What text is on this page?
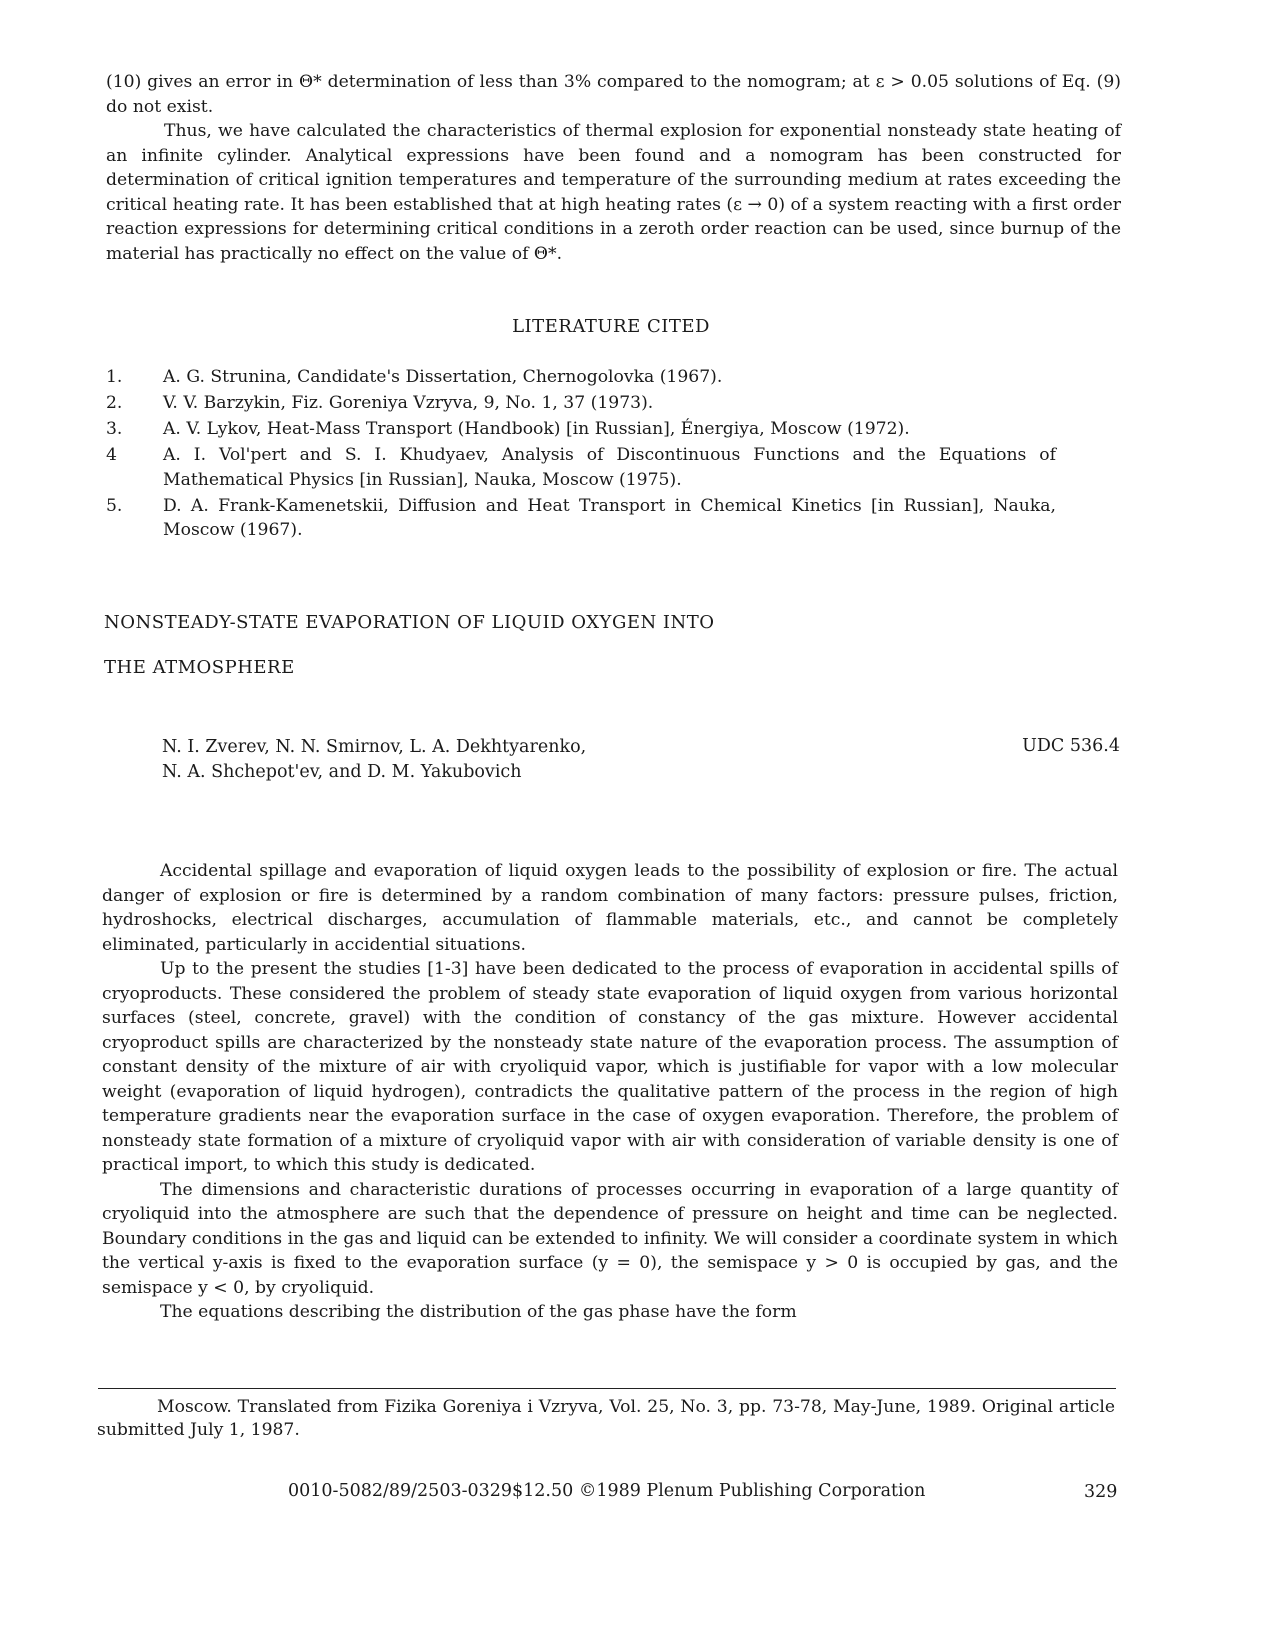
(10) gives an error in Θ* determination of less than 3% compared to the nomogram; at ε > 0.05 solutions of Eq. (9) do not exist.

Thus, we have calculated the characteristics of thermal explosion for exponential nonsteady state heating of an infinite cylinder. Analytical expressions have been found and a nomogram has been constructed for determination of critical ignition temperatures and temperature of the surrounding medium at rates exceeding the critical heating rate. It has been established that at high heating rates (ε → 0) of a system reacting with a first order reaction expressions for determining critical conditions in a zeroth order reaction can be used, since burnup of the material has practically no effect on the value of Θ*.

LITERATURE CITED

1. A. G. Strunina, Candidate's Dissertation, Chernogolovka (1967).
2. V. V. Barzykin, Fiz. Goreniya Vzryva, 9, No. 1, 37 (1973).
3. A. V. Lykov, Heat-Mass Transport (Handbook) [in Russian], Énergiya, Moscow (1972).
4	A. I. Vol'pert and S. I. Khudyaev, Analysis of Discontinuous Functions and the Equations of Mathematical Physics [in Russian], Nauka, Moscow (1975).
5. D. A. Frank-Kamenetskii, Diffusion and Heat Transport in Chemical Kinetics [in Russian], Nauka, Moscow (1967).

NONSTEADY-STATE EVAPORATION OF LIQUID OXYGEN INTO

THE ATMOSPHERE

N. I. Zverev, N. N. Smirnov, L. A. Dekhtyarenko,

N. A. Shchepot'ev, and D. M. Yakubovich

UDC 536.4

Accidental spillage and evaporation of liquid oxygen leads to the possibility of explosion or fire. The actual danger of explosion or fire is determined by a random combination of many factors: pressure pulses, friction, hydroshocks, electrical discharges, accumulation of flammable materials, etc., and cannot be completely eliminated, particularly in accidential situations.

Up to the present the studies [1-3] have been dedicated to the process of evaporation in accidental spills of cryoproducts. These considered the problem of steady state evaporation of liquid oxygen from various horizontal surfaces (steel, concrete, gravel) with the condition of constancy of the gas mixture. However accidental cryoproduct spills are characterized by the nonsteady state nature of the evaporation process. The assumption of constant density of the mixture of air with cryoliquid vapor, which is justifiable for vapor with a low molecular weight (evaporation of liquid hydrogen), contradicts the qualitative pattern of the process in the region of high temperature gradients near the evaporation surface in the case of oxygen evaporation. Therefore, the problem of nonsteady state formation of a mixture of cryoliquid vapor with air with consideration of variable density is one of practical import, to which this study is dedicated.

The dimensions and characteristic durations of processes occurring in evaporation of a large quantity of cryoliquid into the atmosphere are such that the dependence of pressure on height and time can be neglected. Boundary conditions in the gas and liquid can be extended to infinity. We will consider a coordinate system in which the vertical y-axis is fixed to the evaporation surface (y = 0), the semispace y > 0 is occupied by gas, and the semispace y < 0, by cryoliquid.

The equations describing the distribution of the gas phase have the form

Moscow. Translated from Fizika Goreniya i Vzryva, Vol. 25, No. 3, pp. 73-78, May-June, 1989. Original article submitted July 1, 1987.

0010-5082/89/2503-0329$12.50 ©1989 Plenum Publishing Corporation	329
